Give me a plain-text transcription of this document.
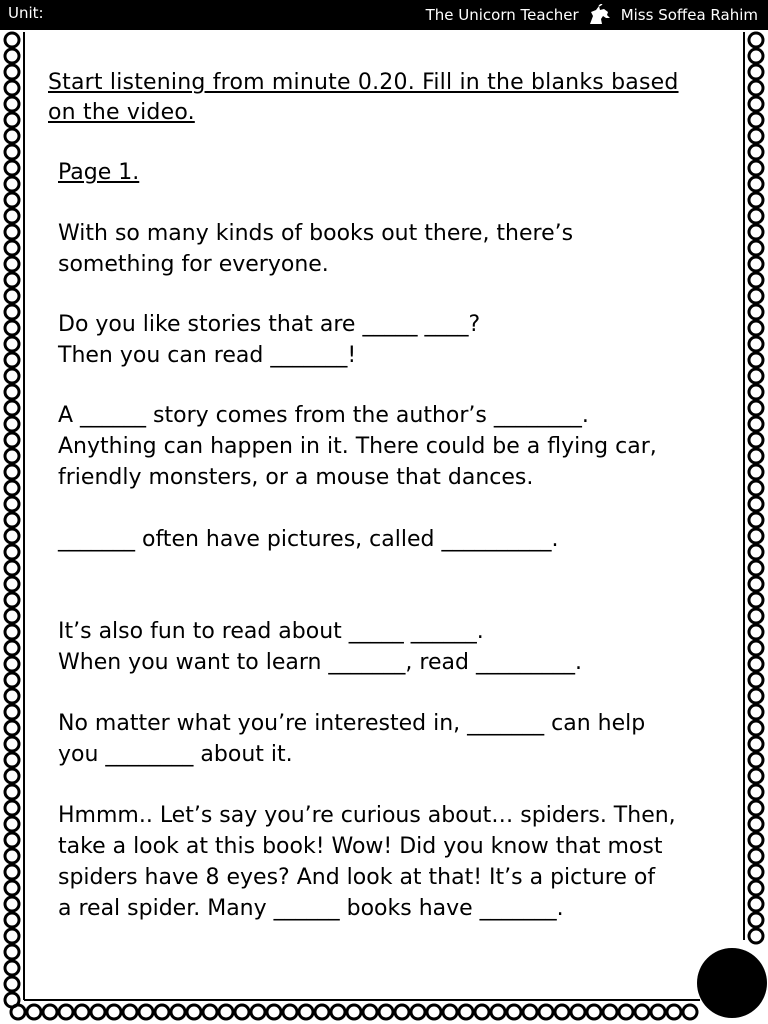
Unit:	The Unicorn Teacher	Miss Soffea Rahim
Start listening from minute 0.20. Fill in the blanks based on the video.
Page 1.
With so many kinds of books out there, there’s
something for everyone.
Do you like stories that are _____ ____?
Then you can read _______!
A ______ story comes from the author’s ________.
Anything can happen in it. There could be a flying car,
friendly monsters, or a mouse that dances.
_______ often have pictures, called __________.
It’s also fun to read about _____ ______.
When you want to learn _______, read _________.
No matter what you’re interested in, _______ can help
you ________ about it.
Hmmm.. Let’s say you’re curious about… spiders. Then,
take a look at this book! Wow! Did you know that most
spiders have 8 eyes? And look at that! It’s a picture of
a real spider. Many ______ books have _______.
